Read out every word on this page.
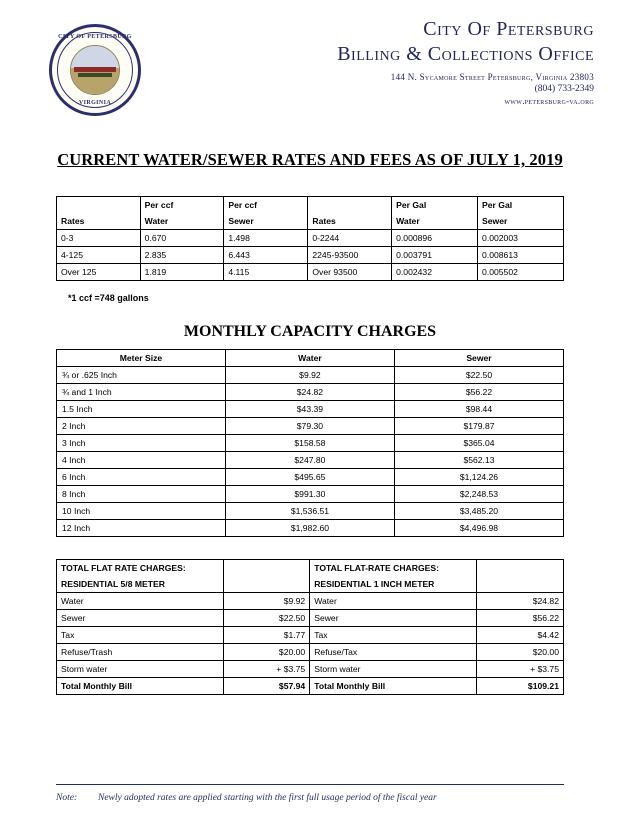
CITY OF PETERSBURG
VIRGINIA
City Of Petersburg
Billing & Collections Office
144 N. Sycamore Street Petersburg, Virginia 23803
(804) 733-2349
www.petersburg-va.org
CURRENT WATER/SEWER RATES AND FEES AS OF JULY 1, 2019
	Per ccf	Per ccf		Per Gal	Per Gal
Rates	Water	Sewer	Rates	Water	Sewer
0-3	0.670	1.498	0-2244	0.000896	0.002003
4-125	2.835	6.443	2245-93500	0.003791	0.008613
Over 125	1.819	4.115	Over 93500	0.002432	0.005502
*1 ccf =748 gallons
MONTHLY CAPACITY CHARGES
Meter Size	Water	Sewer
¾ or .625 Inch	$9.92	$22.50
¾ and 1 Inch	$24.82	$56.22
1.5 Inch	$43.39	$98.44
2 Inch	$79.30	$179.87
3 Inch	$158.58	$365.04
4 Inch	$247.80	$562.13
6 Inch	$495.65	$1,124.26
8 Inch	$991.30	$2,248.53
10 Inch	$1,536.51	$3,485.20
12 Inch	$1,982.60	$4,496.98
TOTAL FLAT RATE CHARGES:		TOTAL FLAT-RATE CHARGES:	
RESIDENTIAL 5/8 METER		RESIDENTIAL 1 INCH METER	
Water	$9.92	Water	$24.82
Sewer	$22.50	Sewer	$56.22
Tax	$1.77	Tax	$4.42
Refuse/Trash	$20.00	Refuse/Tax	$20.00
Storm water	+ $3.75	Storm water	+ $3.75
Total Monthly Bill	$57.94	Total Monthly Bill	$109.21
Note: Newly adopted rates are applied starting with the first full usage period of the fiscal year
